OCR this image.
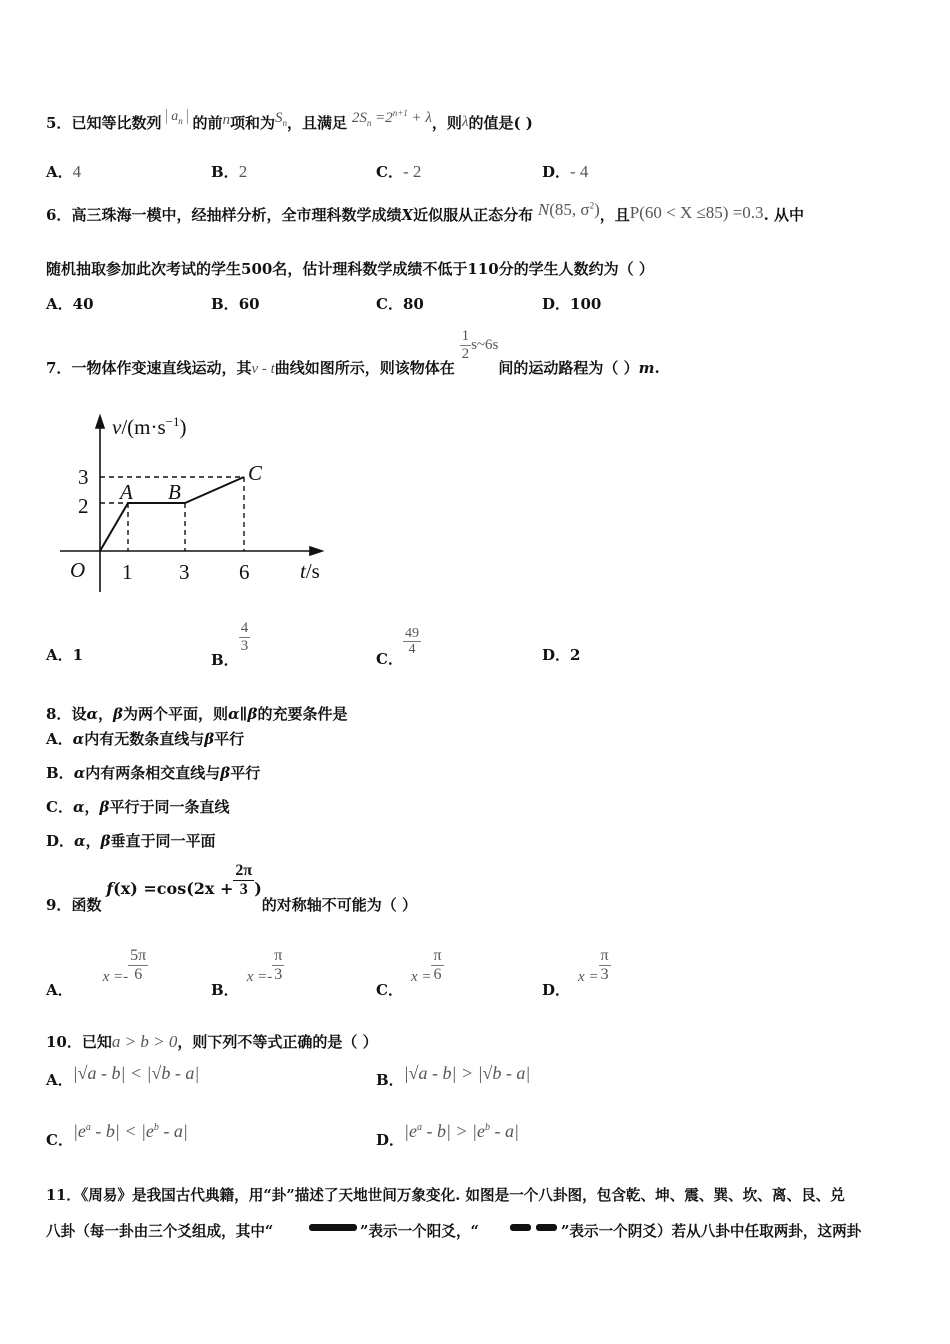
5．已知等比数列 $a_n$ 的前n项和为$S_n$，且满足 $2S_n =2^{n+1} + \lambda$，则λ的值是( )
A．4	B．2	C．- 2	D．- 4
6．高三珠海一模中，经抽样分析，全市理科数学成绩X近似服从正态分布 N(85, $\sigma^2$)，且P(60 < X ≤85) =0.3. 从中
随机抽取参加此次考试的学生500名，估计理科数学成绩不低于110分的学生人数约为（ ）
A．40	B．60	C．80	D．100
7．一物体作变速直线运动，其v - t曲线如图所示，则该物体在
$\frac{1}{2}$ s~6s间的运动路程为（ ）m.
$v/(m\cdot s^{-1})$
3
2
O 1 3 6 t/s
A B
C
A．1	B．
$\frac{4}{3}$
C．
$\frac{49}{4}$	D．2
8．设α，β为两个平面，则α∥β的充要条件是
A．α内有无数条直线与β平行
B．α内有两条相交直线与β平行
C．α，β平行于同一条直线
D．α，β垂直于同一平面
9．函数 $f(x) =\cos(2x + \frac{2\pi}{3}$ )的对称轴不可能为（ ）
A．$x =- \frac{5\pi}{6}$
B．$x =- \frac{\pi}{3}$
C．$x = \frac{\pi}{6}$
D．$x = \frac{\pi}{3}$
10．已知a > b > 0，则下列不等式正确的是（ ）
A．|√a - b| < |√b - a|	B．|√a - b| > |√b - a|
C．$|e^a - b| < |e^b - a|$	D．$|e^a - b| > |e^b - a|$
11．《周易》是我国古代典籍，用“卦”描述了天地世间万象变化. 如图是一个八卦图，包含乾、坤、震、巽、坎、离、艮、兑
八卦（每一卦由三个爻组成，其中“	”表示一个阳爻，“	”表示一个阴爻）若从八卦中任取两卦，这两卦
